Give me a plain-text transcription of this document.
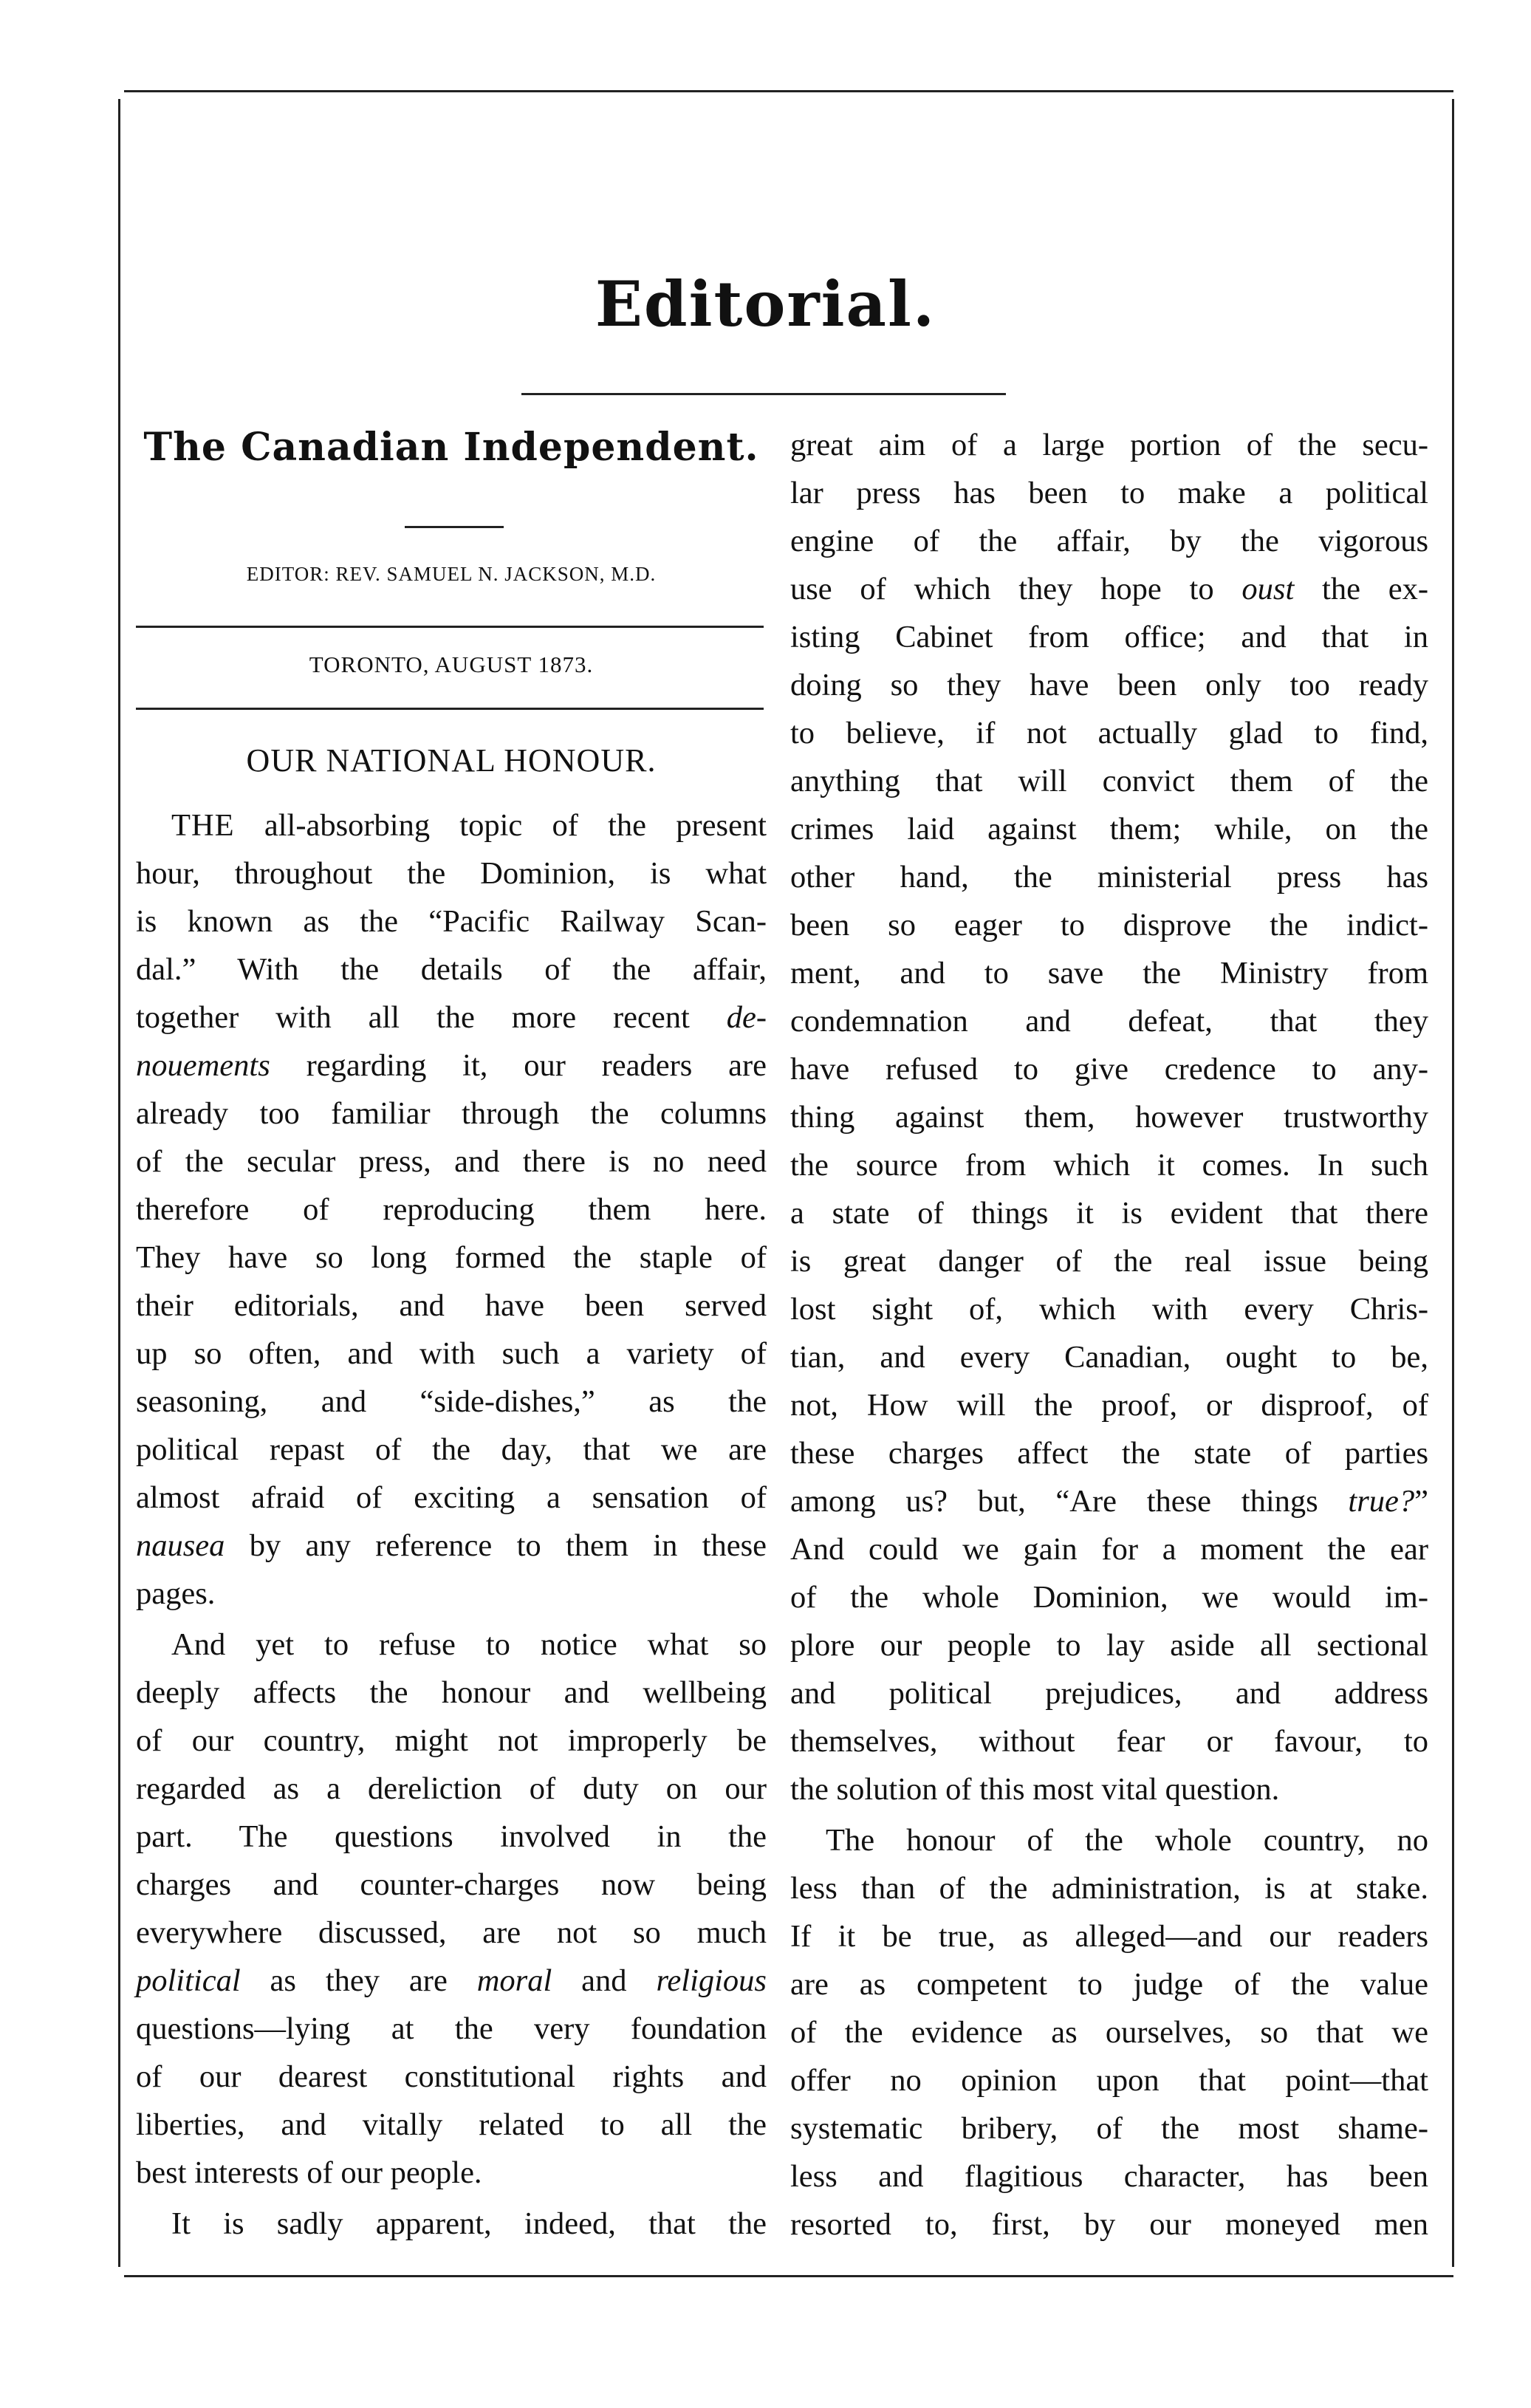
Editorial.
The Canadian Independent.
EDITOR: REV. SAMUEL N. JACKSON, M.D.
TORONTO, AUGUST 1873.
OUR NATIONAL HONOUR.

THE all-absorbing topic of the present

hour, throughout the Dominion, is what

is known as the “Pacific Railway Scan-

dal.” With the details of the affair,

together with all the more recent de-

nouements regarding it, our readers are

already too familiar through the columns

of the secular press, and there is no need

therefore of reproducing them here.

They have so long formed the staple of

their editorials, and have been served

up so often, and with such a variety of

seasoning, and “side-dishes,” as the

political repast of the day, that we are

almost afraid of exciting a sensation of

nausea by any reference to them in these

pages.

And yet to refuse to notice what so

deeply affects the honour and wellbeing

of our country, might not improperly be

regarded as a dereliction of duty on our

part. The questions involved in the

charges and counter-charges now being

everywhere discussed, are not so much

political as they are moral and religious

questions—lying at the very foundation

of our dearest constitutional rights and

liberties, and vitally related to all the

best interests of our people.

It is sadly apparent, indeed, that the

great aim of a large portion of the secu-

lar press has been to make a political

engine of the affair, by the vigorous

use of which they hope to oust the ex-

isting Cabinet from office; and that in

doing so they have been only too ready

to believe, if not actually glad to find,

anything that will convict them of the

crimes laid against them; while, on the

other hand, the ministerial press has

been so eager to disprove the indict-

ment, and to save the Ministry from

condemnation and defeat, that they

have refused to give credence to any-

thing against them, however trustworthy

the source from which it comes. In such

a state of things it is evident that there

is great danger of the real issue being

lost sight of, which with every Chris-

tian, and every Canadian, ought to be,

not, How will the proof, or disproof, of

these charges affect the state of parties

among us? but, “Are these things true?”

And could we gain for a moment the ear

of the whole Dominion, we would im-

plore our people to lay aside all sectional

and political prejudices, and address

themselves, without fear or favour, to

the solution of this most vital question.

The honour of the whole country, no

less than of the administration, is at stake.

If it be true, as alleged—and our readers

are as competent to judge of the value

of the evidence as ourselves, so that we

offer no opinion upon that point—that

systematic bribery, of the most shame-

less and flagitious character, has been

resorted to, first, by our moneyed men
